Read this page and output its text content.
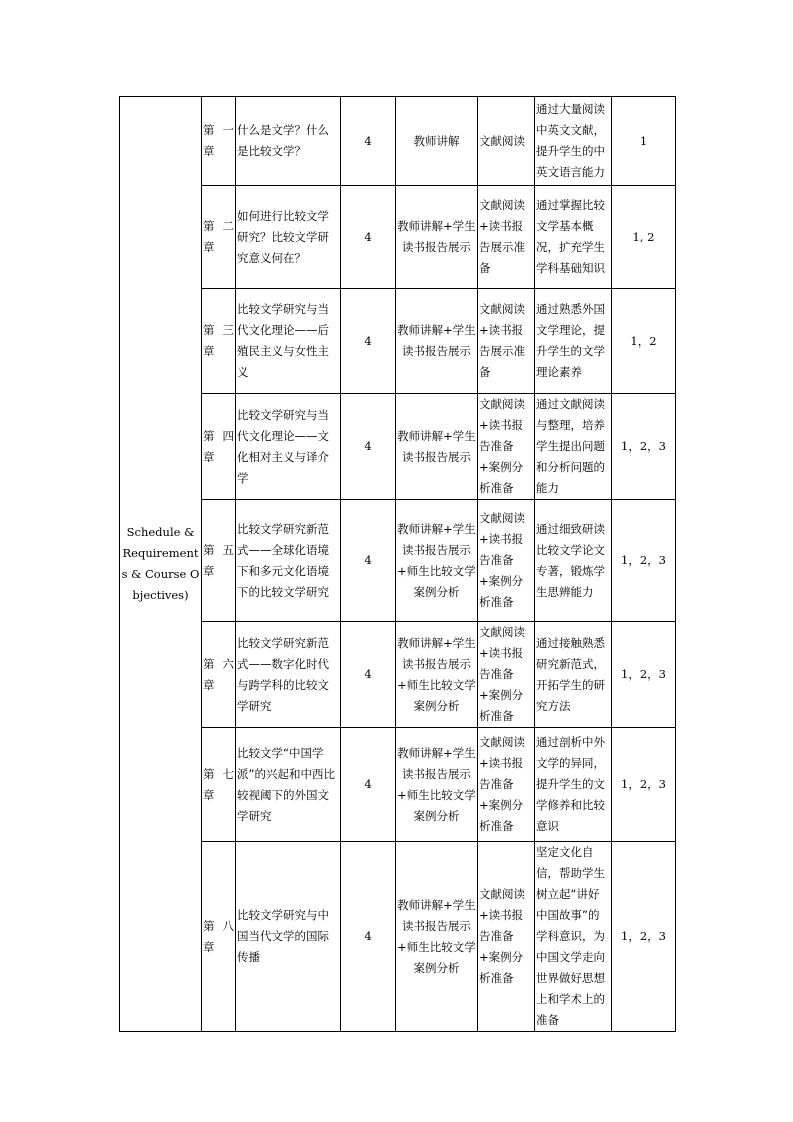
Schedule & Requirements & Course Objectives)	第一章	什么是文学？什么是比较文学？	4	教师讲解	文献阅读	通过大量阅读中英文文献，提升学生的中英文语言能力	1
	第二章	如何进行比较文学研究？比较文学研究意义何在？	4	教师讲解+学生读书报告展示	文献阅读+读书报告展示准备	通过掌握比较文学基本概况，扩充学生学科基础知识	1, 2
	第三章	比较文学研究与当代文化理论——后殖民主义与女性主义	4	教师讲解+学生读书报告展示	文献阅读+读书报告展示准备	通过熟悉外国文学理论，提升学生的文学理论素养	1，2
	第四章	比较文学研究与当代文化理论——文化相对主义与译介学	4	教师讲解+学生读书报告展示	文献阅读+读书报告准备+案例分析准备	通过文献阅读与整理，培养学生提出问题和分析问题的能力	1，2，3
	第五章	比较文学研究新范式——全球化语境下和多元文化语境下的比较文学研究	4	教师讲解+学生读书报告展示+师生比较文学案例分析	文献阅读+读书报告准备+案例分析准备	通过细致研读比较文学论文专著，锻炼学生思辨能力	1，2，3
	第六章	比较文学研究新范式——数字化时代与跨学科的比较文学研究	4	教师讲解+学生读书报告展示+师生比较文学案例分析	文献阅读+读书报告准备+案例分析准备	通过接触熟悉研究新范式，开拓学生的研究方法	1，2，3
	第七章	比较文学“中国学派”的兴起和中西比较视阈下的外国文学研究	4	教师讲解+学生读书报告展示+师生比较文学案例分析	文献阅读+读书报告准备+案例分析准备	通过剖析中外文学的异同，提升学生的文学修养和比较意识	1，2，3
	第八章	比较文学研究与中国当代文学的国际传播	4	教师讲解+学生读书报告展示+师生比较文学案例分析	文献阅读+读书报告准备+案例分析准备	坚定文化自信，帮助学生树立起“讲好中国故事”的学科意识，为中国文学走向世界做好思想上和学术上的准备	1，2，3
